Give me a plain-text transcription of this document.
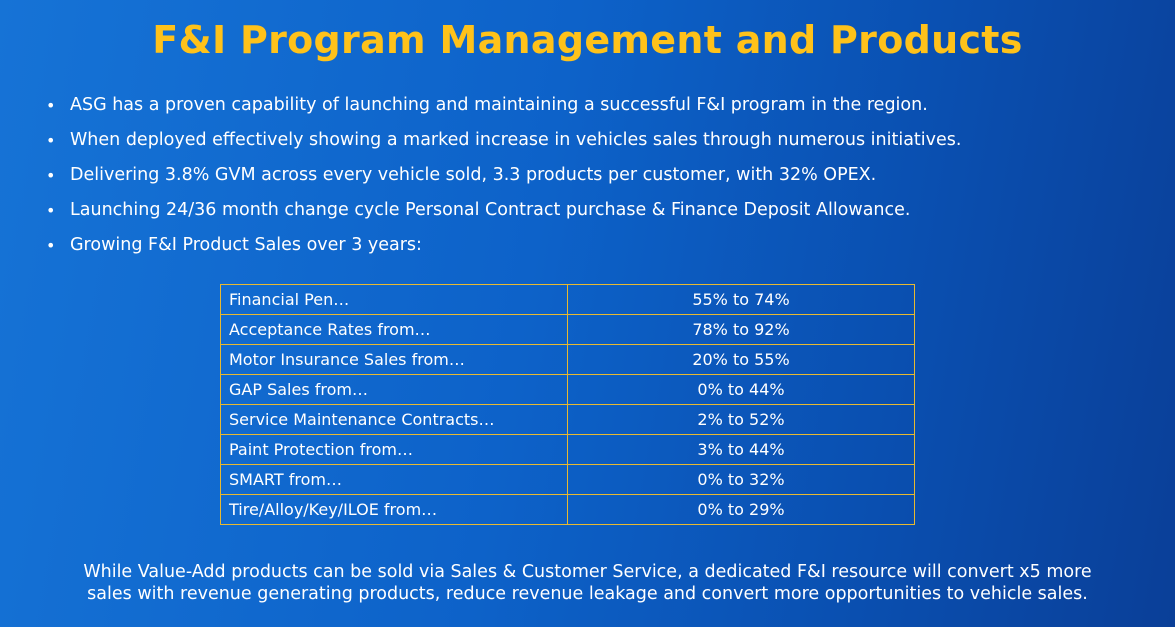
F&I Program Management and Products
• ASG has a proven capability of launching and maintaining a successful F&I program in the region.
• When deployed effectively showing a marked increase in vehicles sales through numerous initiatives.
• Delivering 3.8% GVM across every vehicle sold, 3.3 products per customer, with 32% OPEX.
• Launching 24/36 month change cycle Personal Contract purchase & Finance Deposit Allowance.
• Growing F&I Product Sales over 3 years:
Financial Pen…	55% to 74%
Acceptance Rates from…	78% to 92%
Motor Insurance Sales from…	20% to 55%
GAP Sales from…	0% to 44%
Service Maintenance Contracts…	2% to 52%
Paint Protection from…	3% to 44%
SMART from…	0% to 32%
Tire/Alloy/Key/ILOE from…	0% to 29%
While Value-Add products can be sold via Sales & Customer Service, a dedicated F&I resource will convert x5 more
sales with revenue generating products, reduce revenue leakage and convert more opportunities to vehicle sales.
